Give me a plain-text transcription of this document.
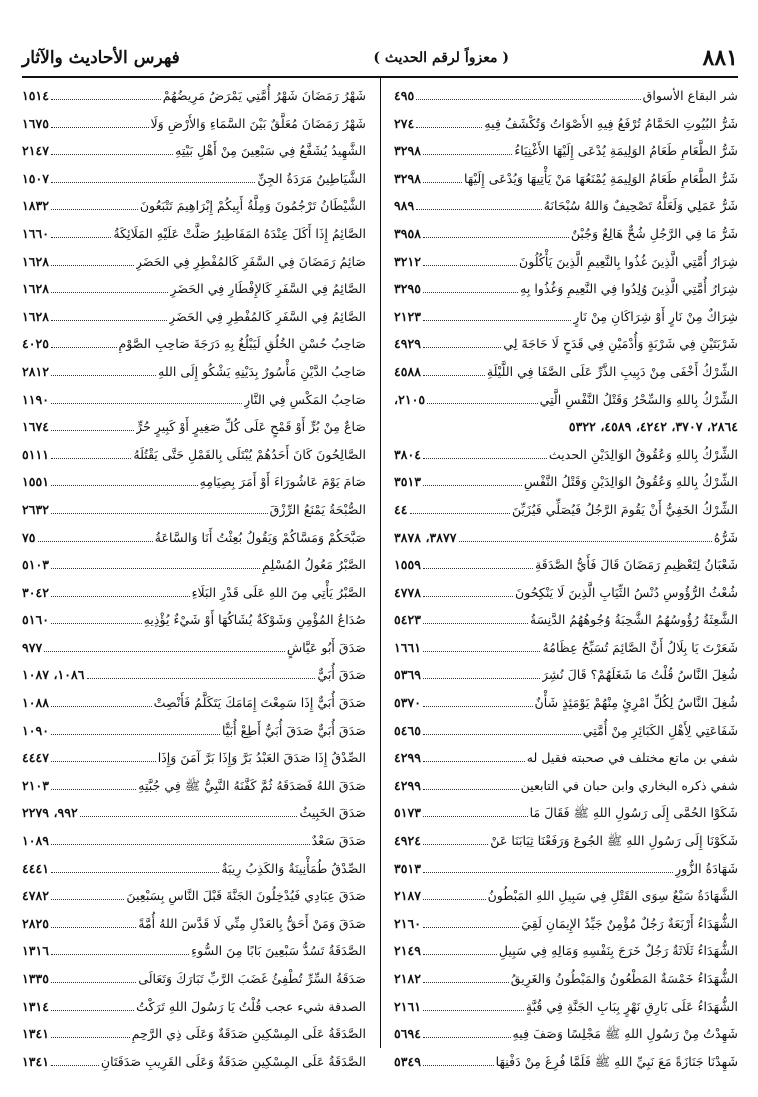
٨٨١
( معزواً لرقم الحديث )
فهرس الأحاديث والآثار
شر البقاع الأسواق
٤٩٥
شَرُّ البُيُوتِ الحَمَّامُ تُرْفَعُ فِيهِ الأَصْوَاتُ وَتُكْشَفُ فِيهِ
٢٧٤
شَرُّ الطَّعَامِ طَعَامُ الوَلِيمَةِ يُدْعَى إِلَيْهَا الأَغْنِيَاءُ
٣٢٩٨
شَرُّ الطَّعَامِ طَعَامُ الوَلِيمَةِ يُمْنَعُهَا مَنْ يَأْتِيهَا وَيُدْعَى إِلَيْهَا
٣٢٩٨
شَرُّ عَمَلِي وَلَعَلَّهُ تَصْحِيفٌ وَاللهُ سُبْحَانَهُ
٩٨٩
شَرُّ مَا فِي الرَّجُلِ شُحٌّ هَالِعٌ وَجُبْنٌ
٣٩٥٨
شِرَارُ أُمَّتِي الَّذِينَ غُذُوا بِالنَّعِيمِ الَّذِينَ يَأْكُلُونَ
٣٢١٢
شِرَارُ أُمَّتِي الَّذِينَ وُلِدُوا فِي النَّعِيمِ وَغُذُوا بِهِ
٣٢٩٥
شِرَاكٌ مِنْ نَارٍ أَوْ شِرَاكَانِ مِنْ نَارٍ
٢١٢٣
شَرْبَتَيْنِ فِي شَرْبَةٍ وَأُدْمَيْنِ فِي قَدَحٍ لَا حَاجَةَ لِي
٤٩٢٩
الشِّرْكُ أَخْفَى مِنْ دَبِيبِ الذَّرِّ عَلَى الصَّفَا فِي اللَّيْلَةِ
٤٥٨٨
الشِّرْكُ بِاللهِ وَالسِّحْرُ وَقَتْلُ النَّفْسِ الَّتِي
٢١٠٥،
٢٨٦٤، ٣٧٠٧، ٤٢٤٢، ٤٥٨٩، ٥٣٢٢
الشِّرْكُ بِاللهِ وَعُقُوقُ الوَالِدَيْنِ الحديث
٣٨٠٤
الشِّرْكُ بِاللهِ وَعُقُوقُ الوَالِدَيْنِ وَقَتْلُ النَّفْسِ
٣٥١٣
الشِّرْكُ الخَفِيُّ أَنْ يَقُومَ الرَّجُلُ فَيُصَلِّي فَيُزَيِّنَ
٤٤
شَرُّهُ
٣٨٧٧، ٣٨٧٨
شَعْبَانُ لِتَعْظِيمِ رَمَضَانَ قَالَ فَأَيُّ الصَّدَقَةِ
١٥٥٩
شُعْثُ الرُّؤُوسِ دُنْسُ الثِّيَابِ الَّذِينَ لَا يَنْكِحُونَ
٤٧٧٨
الشَّعِثَةُ رُؤُوسُهُمُ الشَّحِبَةُ وُجُوهُهُمُ الدَّنِسَةُ
٥٤٢٣
شَعَرْتَ يَا بِلَالُ أَنَّ الصَّائِمَ تُسَبِّحُ عِظَامُهُ
١٦٦١
شُغِلَ النَّاسُ قُلْتُ مَا شَغَلَهُمْ؟ قَالَ نُشِرَ
٥٣٦٩
شُغِلَ النَّاسُ لِكُلِّ امْرِئٍ مِنْهُمْ يَوْمَئِذٍ شَأْنٌ
٥٣٧٠
شَفَاعَتِي لِأَهْلِ الكَبَائِرِ مِنْ أُمَّتِي
٥٤٦٥
شفي بن ماتع مختلف في صحبته فقيل له
٤٢٩٩
شفي ذكره البخاري وابن حبان في التابعين
٤٢٩٩
شَكَوْا الحُمَّى إِلَى رَسُولِ اللهِ ﷺ فَقَالَ مَا
٥١٧٣
شَكَوْنَا إِلَى رَسُولِ اللهِ ﷺ الجُوعَ وَرَفَعْنَا ثِيَابَنَا عَنْ
٤٩٢٤
شَهَادَةُ الزُّورِ
٣٥١٣
الشَّهَادَةُ سَبْعٌ سِوَى القَتْلِ فِي سَبِيلِ اللهِ المَبْطُونُ
٢١٨٧
الشُّهَدَاءُ أَرْبَعَةٌ رَجُلٌ مُؤْمِنٌ جَيِّدُ الإِيمَانِ لَقِيَ
٢١٦٠
الشُّهَدَاءُ ثَلَاثَةٌ رَجُلٌ خَرَجَ بِنَفْسِهِ وَمَالِهِ فِي سَبِيلِ
٢١٤٩
الشُّهَدَاءُ خَمْسَةٌ المَطْعُونُ وَالمَبْطُونُ وَالغَرِيقُ
٢١٨٢
الشُّهَدَاءُ عَلَى بَارِقِ نَهْرٍ بِبَابِ الجَنَّةِ فِي قُبَّةٍ
٢١٦١
شَهِدْتُ مِنْ رَسُولِ اللهِ ﷺ مَجْلِسًا وَصَفَ فِيهِ
٥٦٩٤
شَهِدْنَا جَنَازَةً مَعَ نَبِيِّ اللهِ ﷺ فَلَمَّا فُرِغَ مِنْ دَفْنِهَا
٥٣٤٩
شَهْرُ رَمَضَانَ شَهْرُ أُمَّتِي يَمْرَضُ مَرِيضُهُمْ
١٥١٤
شَهْرُ رَمَضَانَ مُعَلَّقٌ بَيْنَ السَّمَاءِ وَالأَرْضِ وَلَا
١٦٧٥
الشَّهِيدُ يُشَفَّعُ فِي سَبْعِينَ مِنْ أَهْلِ بَيْتِهِ
٢١٤٧
الشَّيَاطِينُ مَرَدَةُ الجِنِّ
١٥٠٧
الشَّيْطَانُ تَرْجُمُونَ وَمِلَّةُ أَبِيكُمْ إِبْرَاهِيمَ تَتْبَعُونَ
١٨٣٢
الصَّائِمُ إِذَا أَكَلَ عِنْدَهُ المَفَاطِيرُ صَلَّتْ عَلَيْهِ المَلَائِكَةُ
١٦٦٠
صَائِمُ رَمَضَانَ فِي السَّفَرِ كَالمُفْطِرِ فِي الحَضَرِ
١٦٢٨
الصَّائِمُ فِي السَّفَرِ كَالإِفْطَارِ فِي الحَضَرِ
١٦٢٨
الصَّائِمُ فِي السَّفَرِ كَالمُفْطِرِ فِي الحَضَرِ
١٦٢٨
صَاحِبُ حُسْنِ الخُلُقِ لَيَبْلُغُ بِهِ دَرَجَةَ صَاحِبِ الصَّوْمِ
٤٠٢٥
صَاحِبُ الدَّيْنِ مَأْسُورٌ بِدَيْنِهِ يَشْكُو إِلَى اللهِ
٢٨١٢
صَاحِبُ المَكْسِ فِي النَّارِ
١١٩٠
صَاعٌ مِنْ بُرٍّ أَوْ قَمْحٍ عَلَى كُلِّ صَغِيرٍ أَوْ كَبِيرٍ حُرٍّ
١٦٧٤
الصَّالِحُونَ كَانَ أَحَدُهُمْ يُبْتَلَى بِالقَمْلِ حَتَّى يَقْتُلَهُ
٥١١١
صَامَ يَوْمَ عَاشُورَاءَ أَوْ أَمَرَ بِصِيَامِهِ
١٥٥١
الصُّبْحَةُ يَمْنَعُ الرِّزْقَ
٢٦٣٢
صَبَّحَكُمْ وَمَسَّاكُمْ وَيَقُولُ بُعِثْتُ أَنَا وَالسَّاعَةُ
٧٥
الصَّبْرُ مَعُولُ المُسْلِمِ
٥١٠٣
الصَّبْرُ يَأْتِي مِنَ اللهِ عَلَى قَدْرِ البَلَاءِ
٣٠٤٢
صُدَاعُ المُؤْمِنِ وَشَوْكَةٌ يُشَاكُهَا أَوْ شَيْءٌ يُؤْذِيهِ
٥١٦٠
صَدَقَ أَبُو عَيَّاشٍ
٩٧٧
صَدَقَ أُبَيٌّ
١٠٨٦، ١٠٨٧
صَدَقَ أُبَيٌّ إِذَا سَمِعْتَ إِمَامَكَ يَتَكَلَّمُ فَأَنْصِتْ
١٠٨٨
صَدَقَ أُبَيٌّ صَدَقَ أُبَيٌّ أَطِعْ أُبَيًّا
١٠٩٠
الصِّدْقُ إِذَا صَدَقَ العَبْدُ بَرَّ وَإِذَا بَرَّ آمَنَ وَإِذَا
٤٤٤٧
صَدَقَ اللهُ فَصَدَقَهُ ثُمَّ كَفَّنَهُ النَّبِيُّ ﷺ فِي جُبَّتِهِ
٢١٠٣
صَدَقَ الخَبِيثُ
٩٩٢، ٢٢٧٩
صَدَقَ سَعْدٌ
١٠٨٩
الصِّدْقُ طُمَأْنِينَةٌ وَالكَذِبُ رِيبَةٌ
٤٤٤١
صَدَقَ عِبَادِي فَيُدْخِلُونَ الجَنَّةَ قَبْلَ النَّاسِ بِسَبْعِينَ
٤٧٨٢
صَدَقَ وَمَنْ أَحَقُّ بِالعَدْلِ مِنِّي لَا قَدَّسَ اللهُ أُمَّةً
٢٨٢٥
الصَّدَقَةُ تَسُدُّ سَبْعِينَ بَابًا مِنَ السُّوءِ
١٣١٦
صَدَقَةُ السِّرِّ تُطْفِئُ غَضَبَ الرَّبِّ تَبَارَكَ وَتَعَالَى
١٣٣٥
الصدقة شيء عجب قُلْتُ يَا رَسُولَ اللهِ تَرَكْتُ
١٣١٤
الصَّدَقَةُ عَلَى المِسْكِينِ صَدَقَةٌ وَعَلَى ذِي الرَّحِمِ
١٣٤١
الصَّدَقَةُ عَلَى المِسْكِينِ صَدَقَةٌ وَعَلَى القَرِيبِ صَدَقَتَانِ
١٣٤١
